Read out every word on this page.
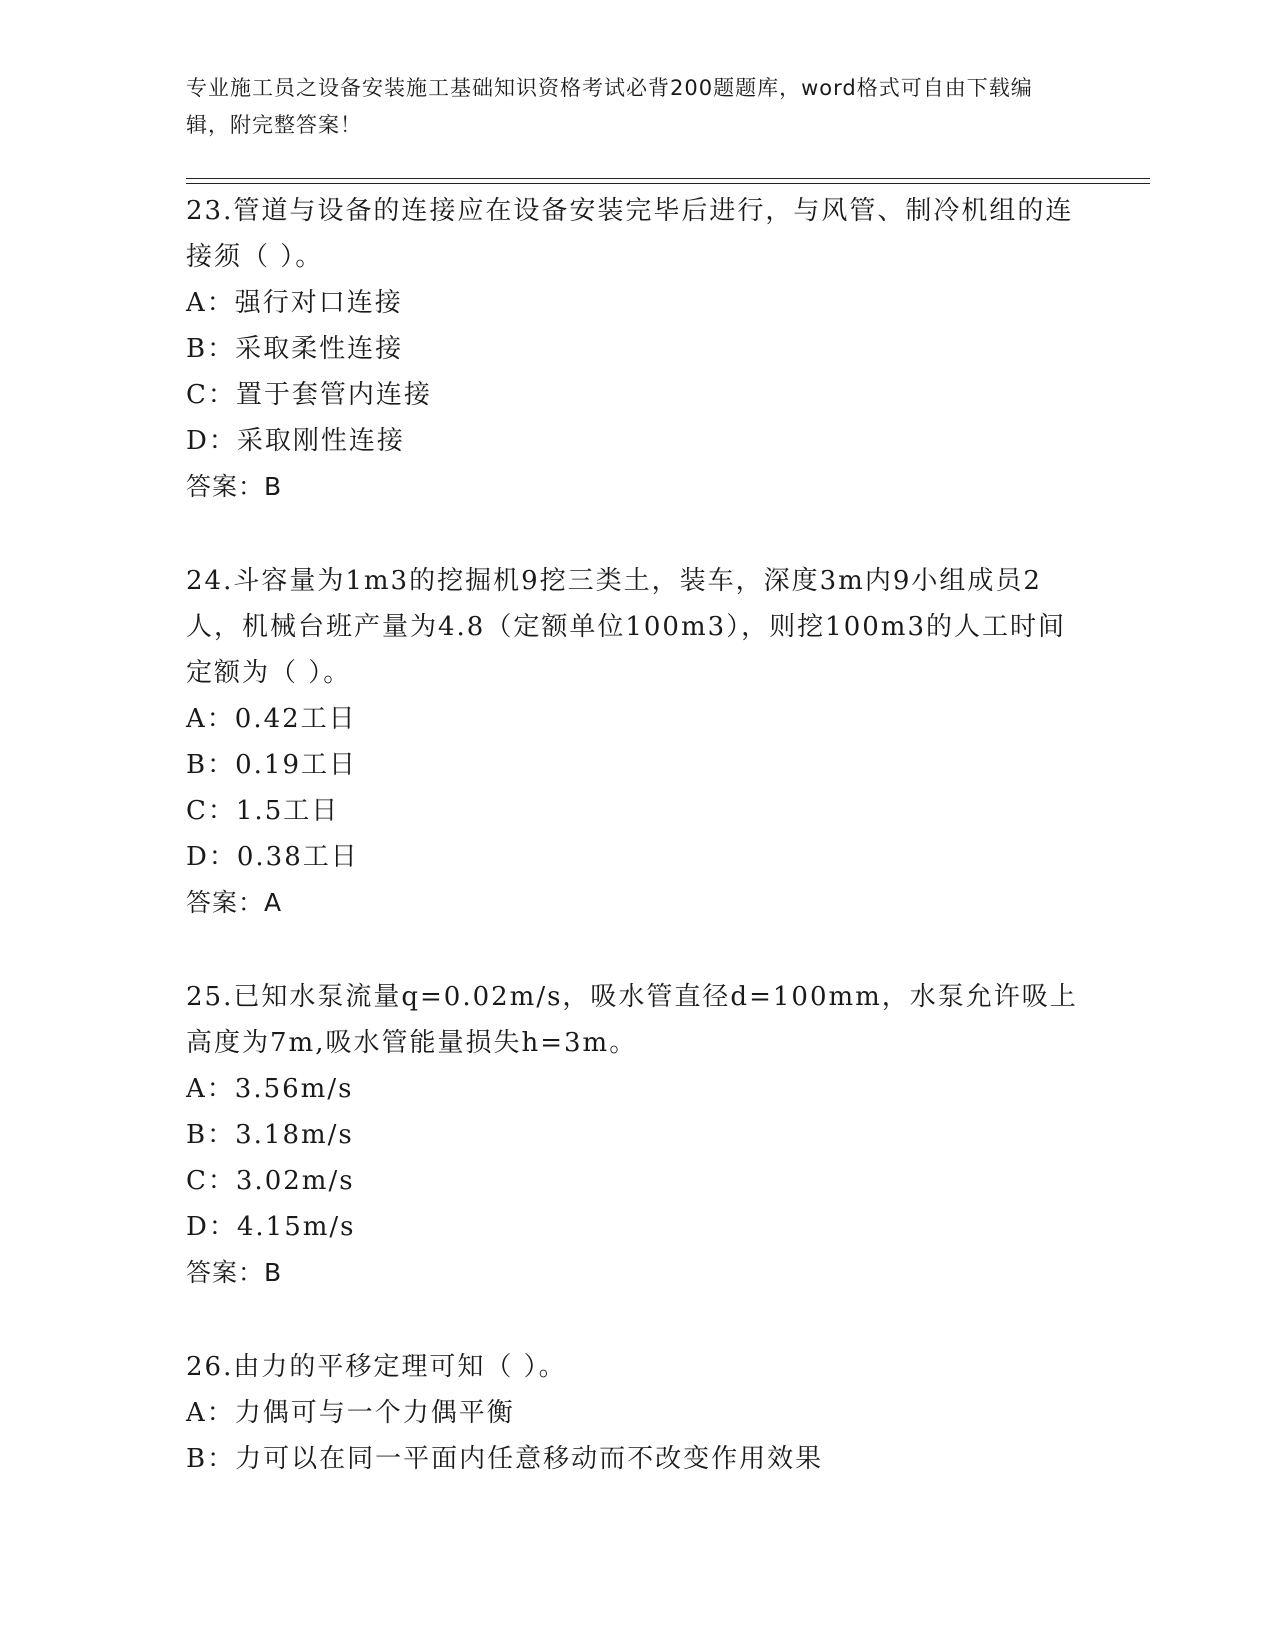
专业施工员之设备安装施工基础知识资格考试必背200题题库，word格式可自由下载编辑，附完整答案！

23.管道与设备的连接应在设备安装完毕后进行，与风管、制冷机组的连接须（ ）。

A：强行对口连接

B：采取柔性连接

C：置于套管内连接

D：采取刚性连接

答案：B

24.斗容量为1m3的挖掘机9挖三类土，装车，深度3m内9小组成员2人，机械台班产量为4.8（定额单位100m3），则挖100m3的人工时间定额为（ ）。

A：0.42工日

B：0.19工日

C：1.5工日

D：0.38工日

答案：A

25.已知水泵流量q=0.02m/s，吸水管直径d=100mm，水泵允许吸上高度为7m,吸水管能量损失h=3m。

A：3.56m/s

B：3.18m/s

C：3.02m/s

D：4.15m/s

答案：B

26.由力的平移定理可知（ ）。

A：力偶可与一个力偶平衡

B：力可以在同一平面内任意移动而不改变作用效果
